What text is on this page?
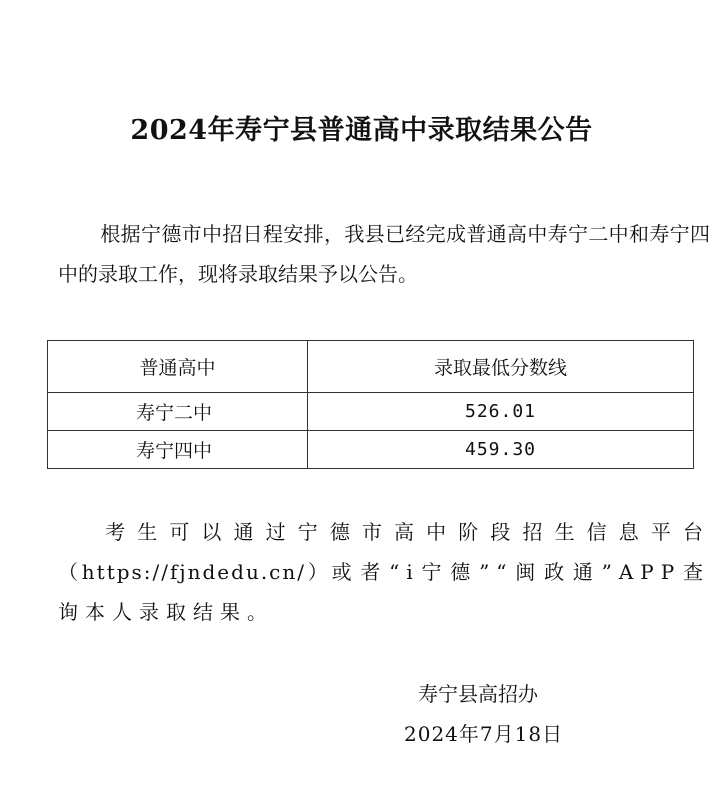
2024年寿宁县普通高中录取结果公告
根据宁德市中招日程安排，我县已经完成普通高中寿宁二中和寿宁四中的录取工作，现将录取结果予以公告。
普通高中	录取最低分数线
寿宁二中	526.01
寿宁四中	459.30
考生可以通过宁德市高中阶段招生信息平台（https://fjndedu.cn/）或者“i宁德”“闽政通”APP查询本人录取结果。
寿宁县高招办
2024年7月18日
